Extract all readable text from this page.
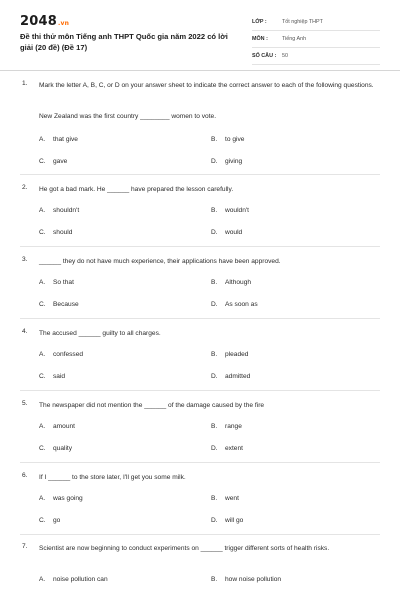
2048.vn
Đề thi thử môn Tiếng anh THPT Quốc gia năm 2022 có lời giải (20 đề) (Đề 17)
LỚP :	Tốt nghiệp THPT
MÔN :	Tiếng Anh
SỐ CÂU :	50
1. Mark the letter A, B, C, or D on your answer sheet to indicate the correct answer to each of the following questions.
New Zealand was the first country ________ women to vote.
A. that give	B. to give
C. gave	D. giving
2. He got a bad mark. He ______ have prepared the lesson carefully.
A. shouldn't	B. wouldn't
C. should	D. would
3. ______ they do not have much experience, their applications have been approved.
A. So that	B. Although
C. Because	D. As soon as
4. The accused ______ guilty to all charges.
A. confessed	B. pleaded
C. said	D. admitted
5. The newspaper did not mention the ______ of the damage caused by the fire
A. amount	B. range
C. quality	D. extent
6. If I ______ to the store later, I'll get you some milk.
A. was going	B. went
C. go	D. will go
7. Scientist are now beginning to conduct experiments on ______ trigger different sorts of health risks.
A. noise pollution can	B. how noise pollution
